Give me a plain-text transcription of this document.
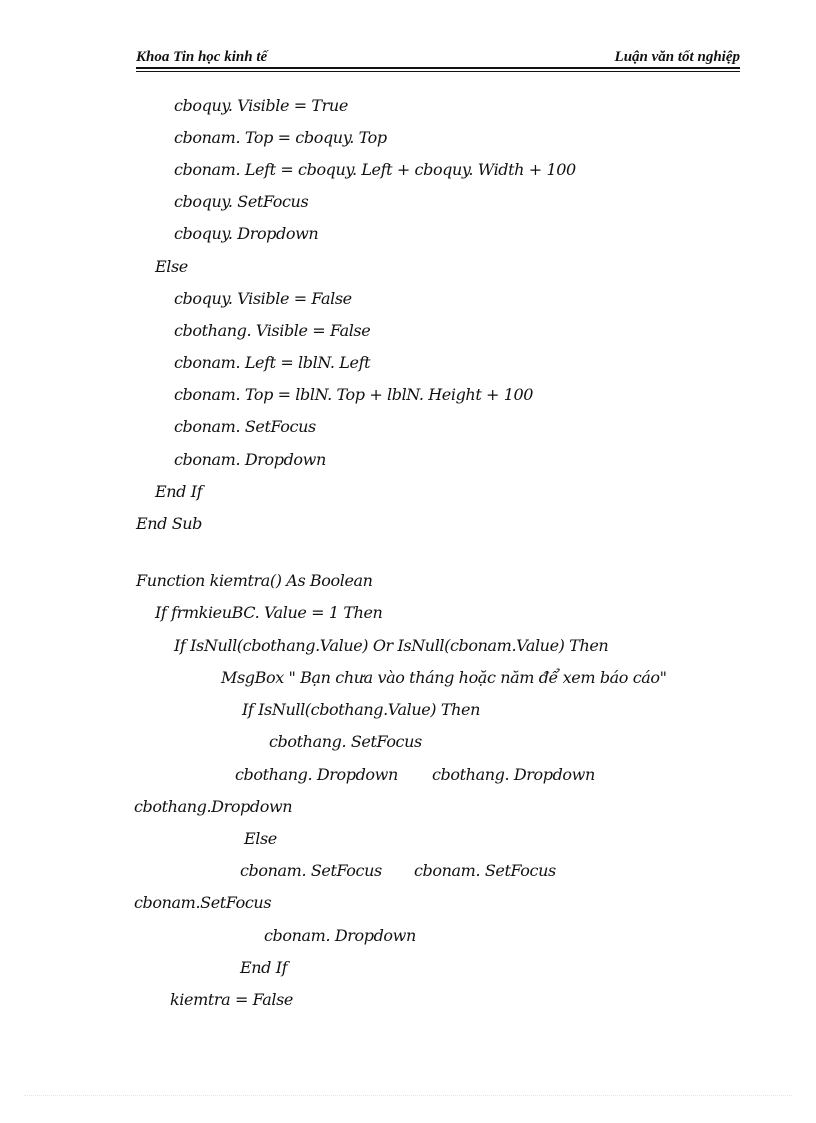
Khoa Tin học kinh tế	Luận văn tốt nghiệp
cboquy. Visible = True
cbonam. Top = cboquy. Top
cbonam. Left = cboquy. Left + cboquy. Width + 100
cboquy. SetFocus
cboquy. Dropdown
Else
cboquy. Visible = False
cbothang. Visible = False
cbonam. Left = lblN. Left
cbonam. Top = lblN. Top + lblN. Height + 100
cbonam. SetFocus
cbonam. Dropdown
End If
End Sub
Function kiemtra() As Boolean
If frmkieuBC. Value = 1 Then
If IsNull(cbothang.Value) Or IsNull(cbonam.Value) Then
MsgBox " Bạn chưa vào tháng hoặc năm để xem báo cáo"
If IsNull(cbothang.Value) Then
cbothang. SetFocus
cbothang. Dropdown cbothang. Dropdown
cbothang.Dropdown
Else
cbonam. SetFocus cbonam. SetFocus
cbonam.SetFocus
cbonam. Dropdown
End If
kiemtra = False
